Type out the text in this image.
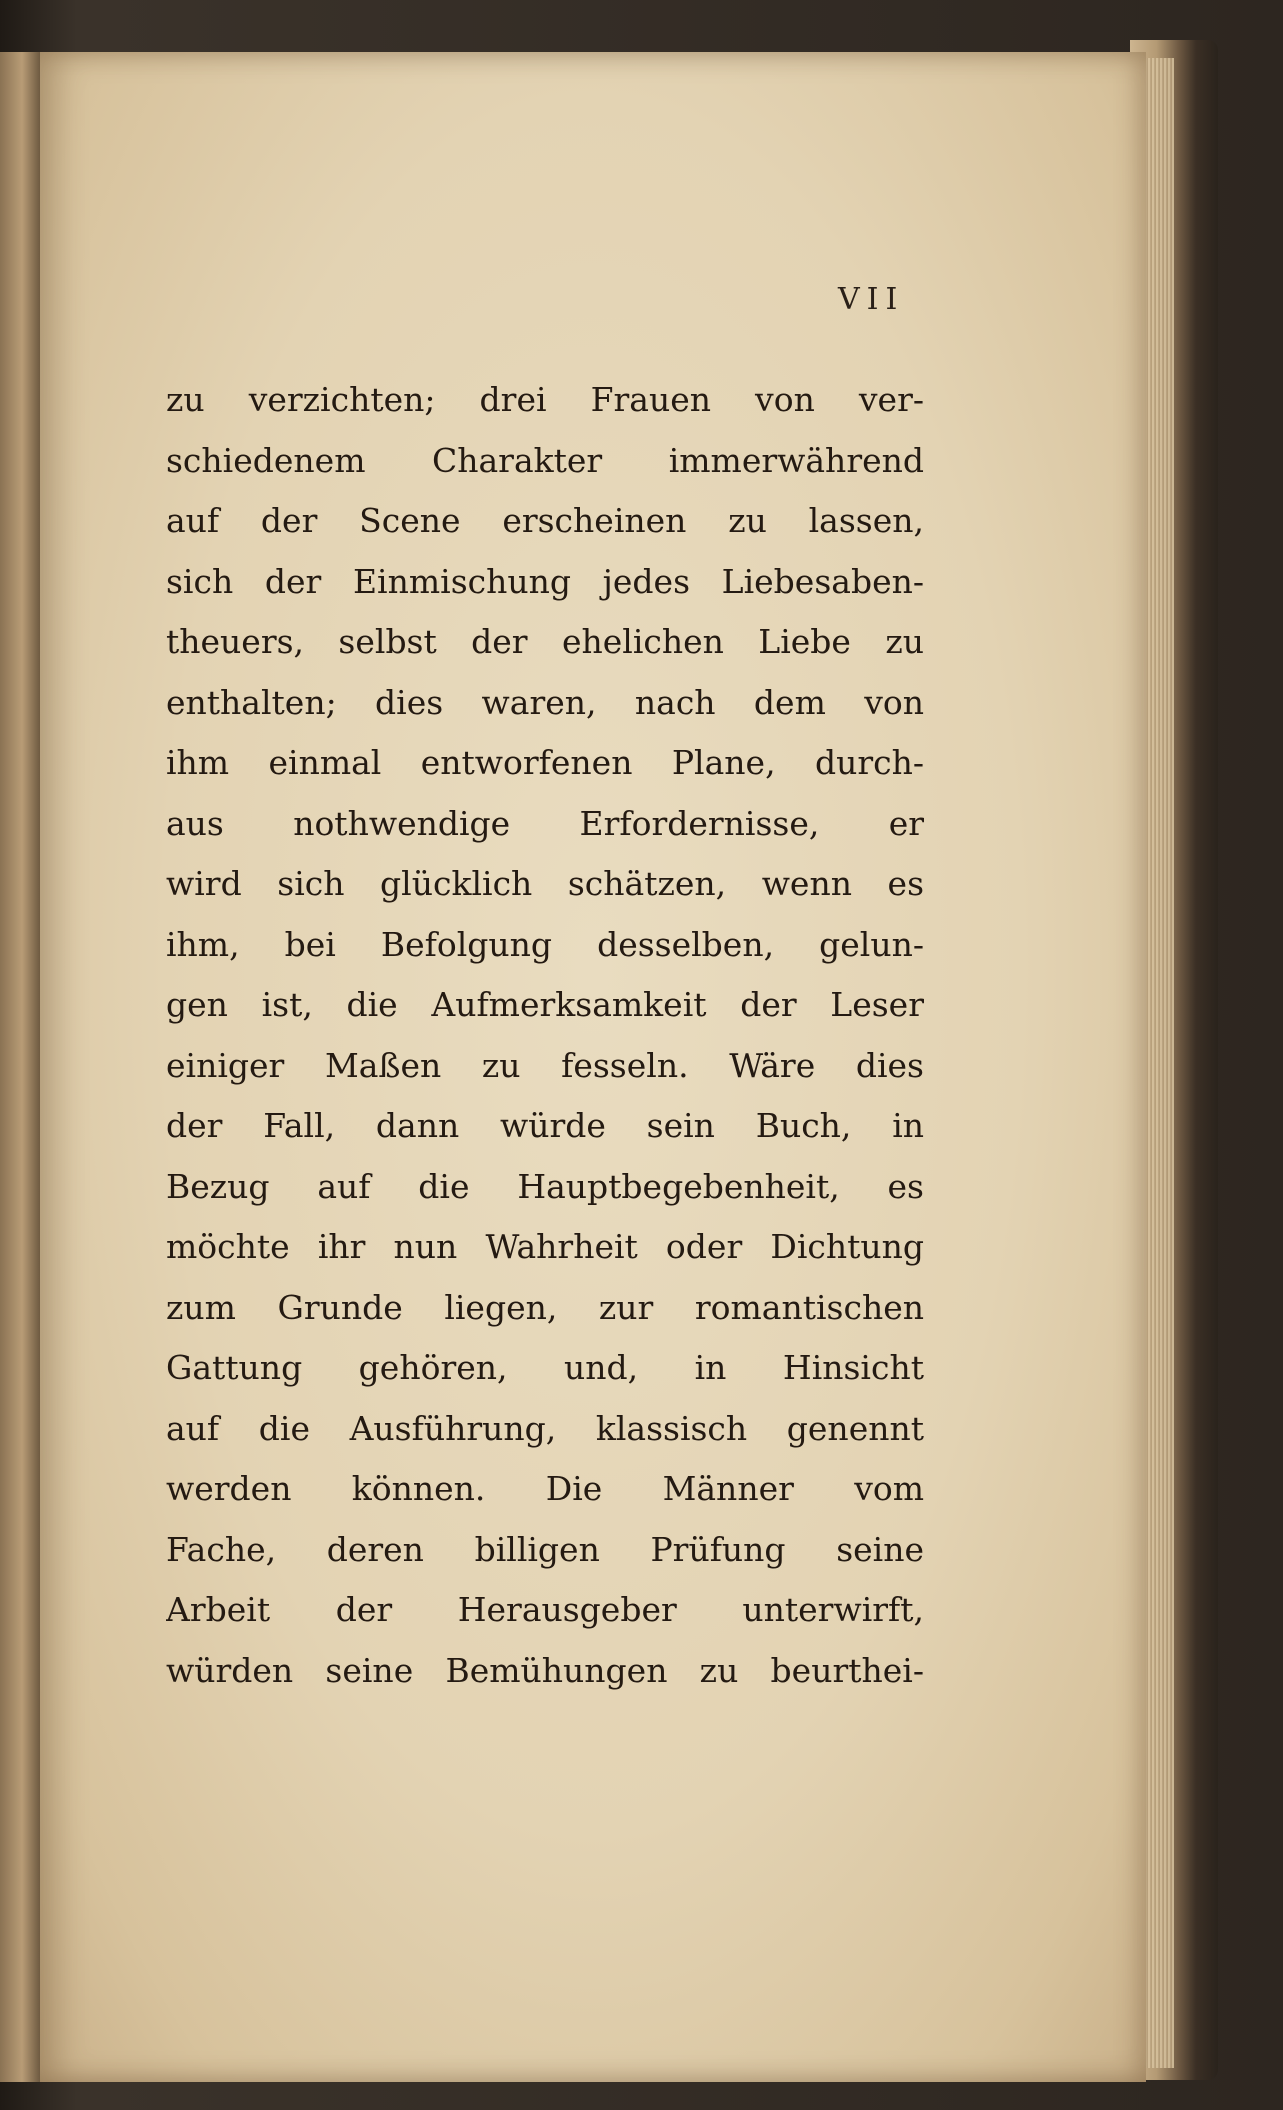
VII
zu verzichten; drei Frauen von ver-
schiedenem Charakter immerwährend
auf der Scene erscheinen zu lassen,
sich der Einmischung jedes Liebesaben-
theuers, selbst der ehelichen Liebe zu
enthalten; dies waren, nach dem von
ihm einmal entworfenen Plane, durch-
aus nothwendige Erfordernisse, er
wird sich glücklich schätzen, wenn es
ihm, bei Befolgung desselben, gelun-
gen ist, die Aufmerksamkeit der Leser
einiger Maßen zu fesseln. Wäre dies
der Fall, dann würde sein Buch, in
Bezug auf die Hauptbegebenheit, es
möchte ihr nun Wahrheit oder Dichtung
zum Grunde liegen, zur romantischen
Gattung gehören, und, in Hinsicht
auf die Ausführung, klassisch genennt
werden können. Die Männer vom
Fache, deren billigen Prüfung seine
Arbeit der Herausgeber unterwirft,
würden seine Bemühungen zu beurthei-
